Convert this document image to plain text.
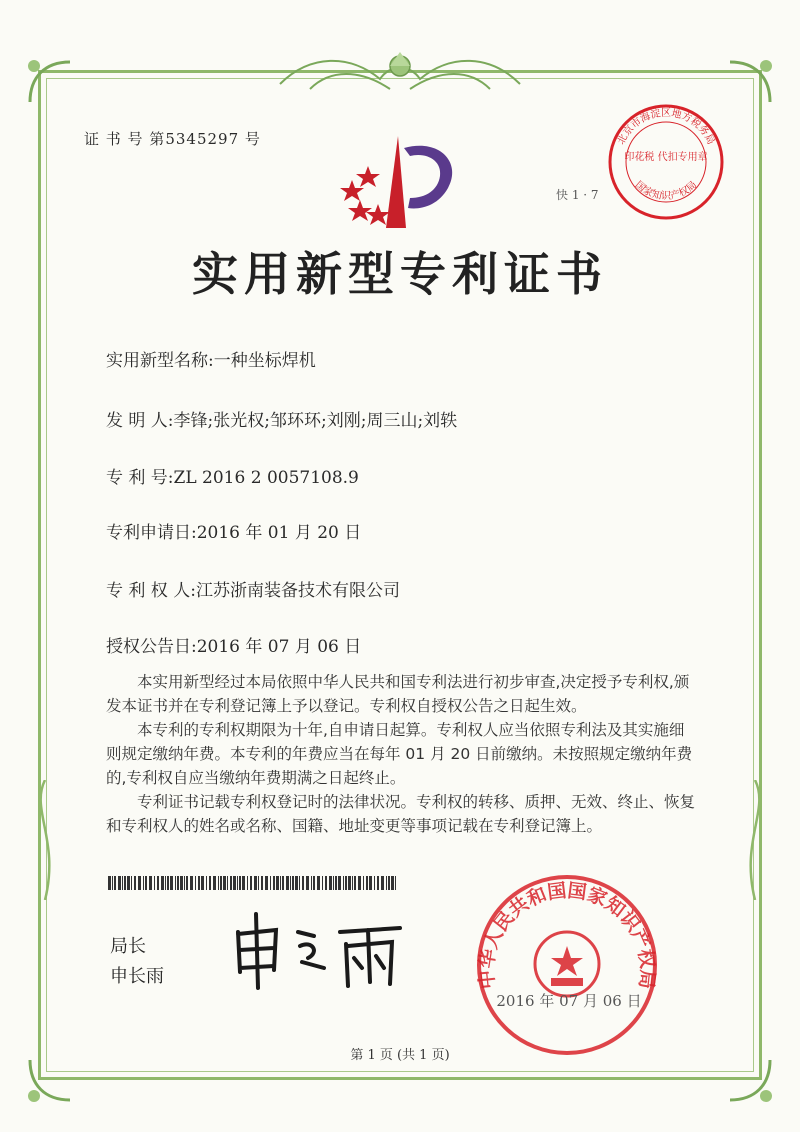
证 书 号 第5345297 号
快 1 · 7
北京市海淀区地方税务局
印花税 代扣专用章
国家知识产权局
实用新型专利证书
实用新型名称:一种坐标焊机
发 明 人:李锋;张光权;邹环环;刘刚;周三山;刘轶
专 利 号:ZL 2016 2 0057108.9
专利申请日:2016 年 01 月 20 日
专 利 权 人:江苏浙南装备技术有限公司
授权公告日:2016 年 07 月 06 日

本实用新型经过本局依照中华人民共和国专利法进行初步审查,决定授予专利权,颁发本证书并在专利登记簿上予以登记。专利权自授权公告之日起生效。

本专利的专利权期限为十年,自申请日起算。专利权人应当依照专利法及其实施细则规定缴纳年费。本专利的年费应当在每年 01 月 20 日前缴纳。未按照规定缴纳年费的,专利权自应当缴纳年费期满之日起终止。

专利证书记载专利权登记时的法律状况。专利权的转移、质押、无效、终止、恢复和专利权人的姓名或名称、国籍、地址变更等事项记载在专利登记簿上。

局长
申长雨	中华人民共和国国家知识产权局
2016 年 07 月 06 日
第 1 页 (共 1 页)
